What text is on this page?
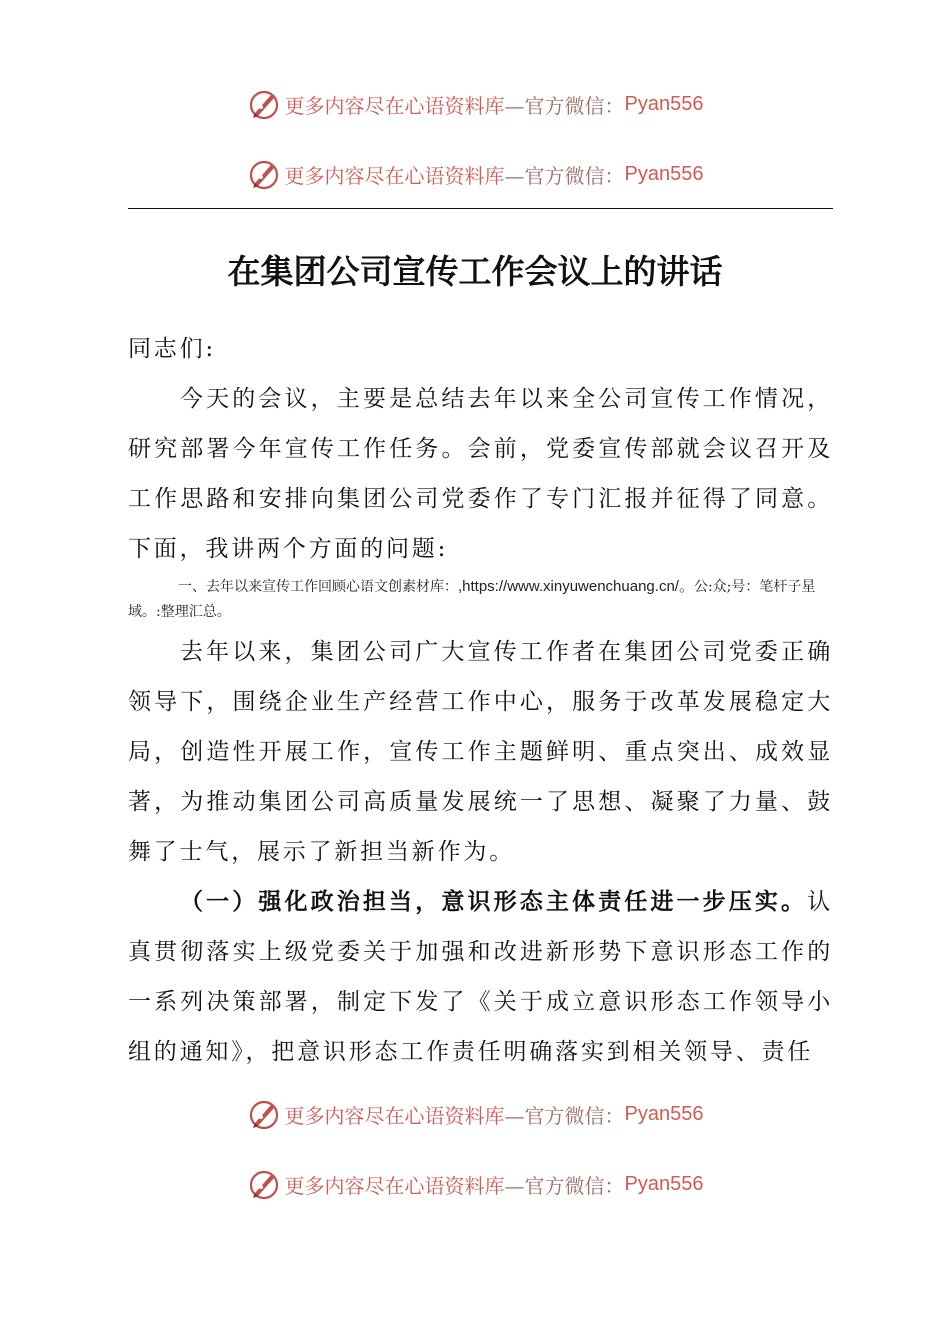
更多内容尽在心语资料库 —官方微信： Pyan556
更多内容尽在心语资料库 —官方微信： Pyan556
在集团公司宣传工作会议上的讲话

同志们:

今天的会议，主要是总结去年以来全公司宣传工作情况，研究部署今年宣传工作任务。会前，党委宣传部就会议召开及工作思路和安排向集团公司党委作了专门汇报并征得了同意。下面，我讲两个方面的问题:

一、去年以来宣传工作回顾心语文创素材库：,https://www.xinyuwenchuang.cn/。公:众;号：笔杆子星域。:整理汇总。

去年以来，集团公司广大宣传工作者在集团公司党委正确领导下，围绕企业生产经营工作中心，服务于改革发展稳定大局，创造性开展工作，宣传工作主题鲜明、重点突出、成效显著，为推动集团公司高质量发展统一了思想、凝聚了力量、鼓舞了士气，展示了新担当新作为。

（一）强化政治担当，意识形态主体责任进一步压实。认真贯彻落实上级党委关于加强和改进新形势下意识形态工作的一系列决策部署，制定下发了《关于成立意识形态工作领导小组的通知》，把意识形态工作责任明确落实到相关领导、责任

更多内容尽在心语资料库 —官方微信： Pyan556
更多内容尽在心语资料库 —官方微信： Pyan556
